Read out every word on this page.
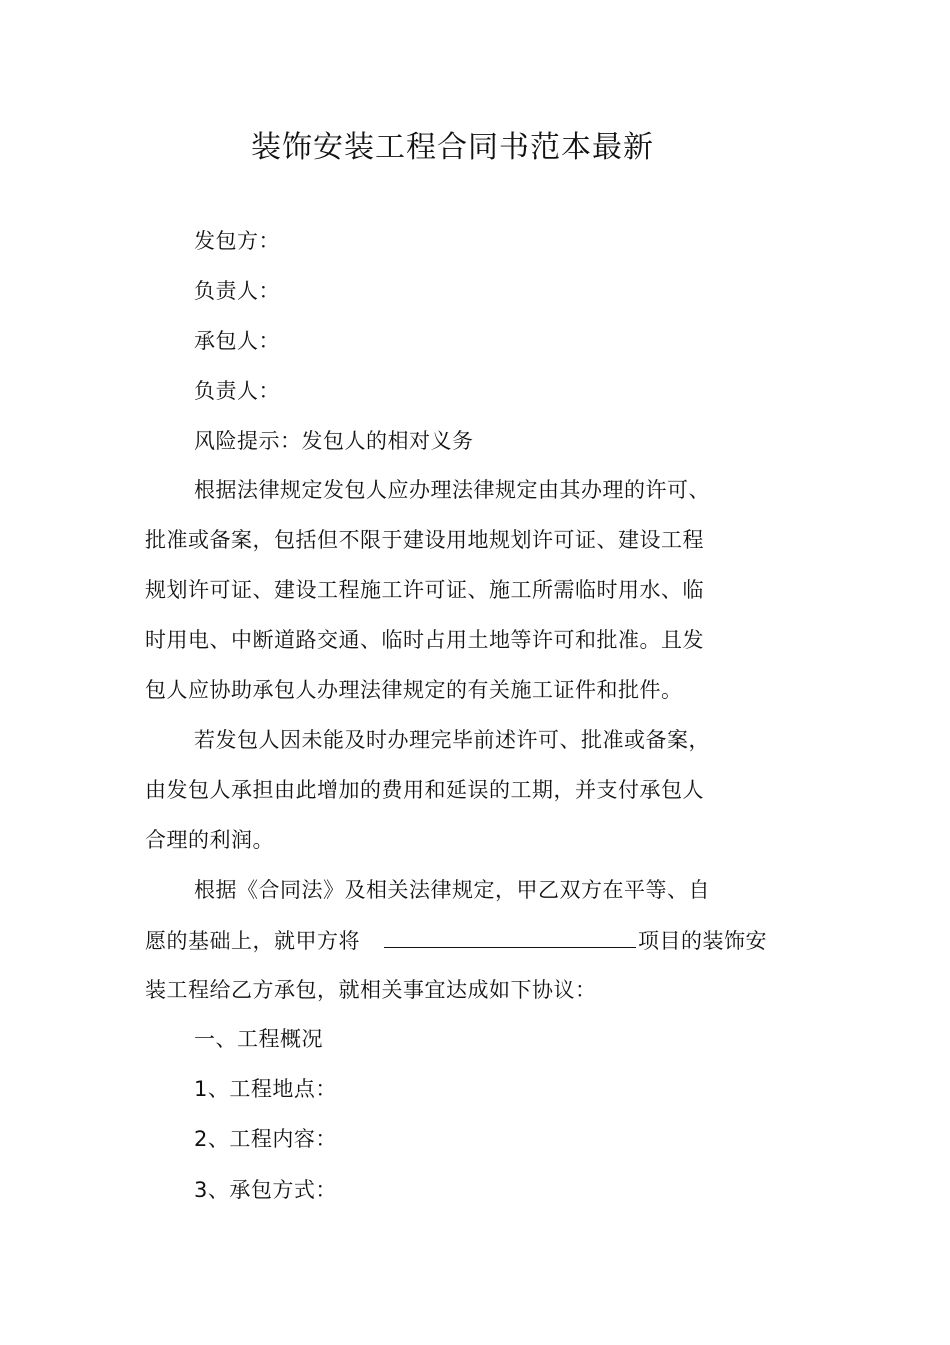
装饰安装工程合同书范本最新
发包方：
负责人：
承包人：
负责人：
风险提示：发包人的相对义务
根据法律规定发包人应办理法律规定由其办理的许可、
批准或备案，包括但不限于建设用地规划许可证、建设工程
规划许可证、建设工程施工许可证、施工所需临时用水、临
时用电、中断道路交通、临时占用土地等许可和批准。且发
包人应协助承包人办理法律规定的有关施工证件和批件。
若发包人因未能及时办理完毕前述许可、批准或备案，
由发包人承担由此增加的费用和延误的工期，并支付承包人
合理的利润。
根据《合同法》及相关法律规定，甲乙双方在平等、自
愿的基础上，就甲方将	项目的装饰安
装工程给乙方承包，就相关事宜达成如下协议：
一、工程概况
1、工程地点：
2、工程内容：
3、承包方式：
